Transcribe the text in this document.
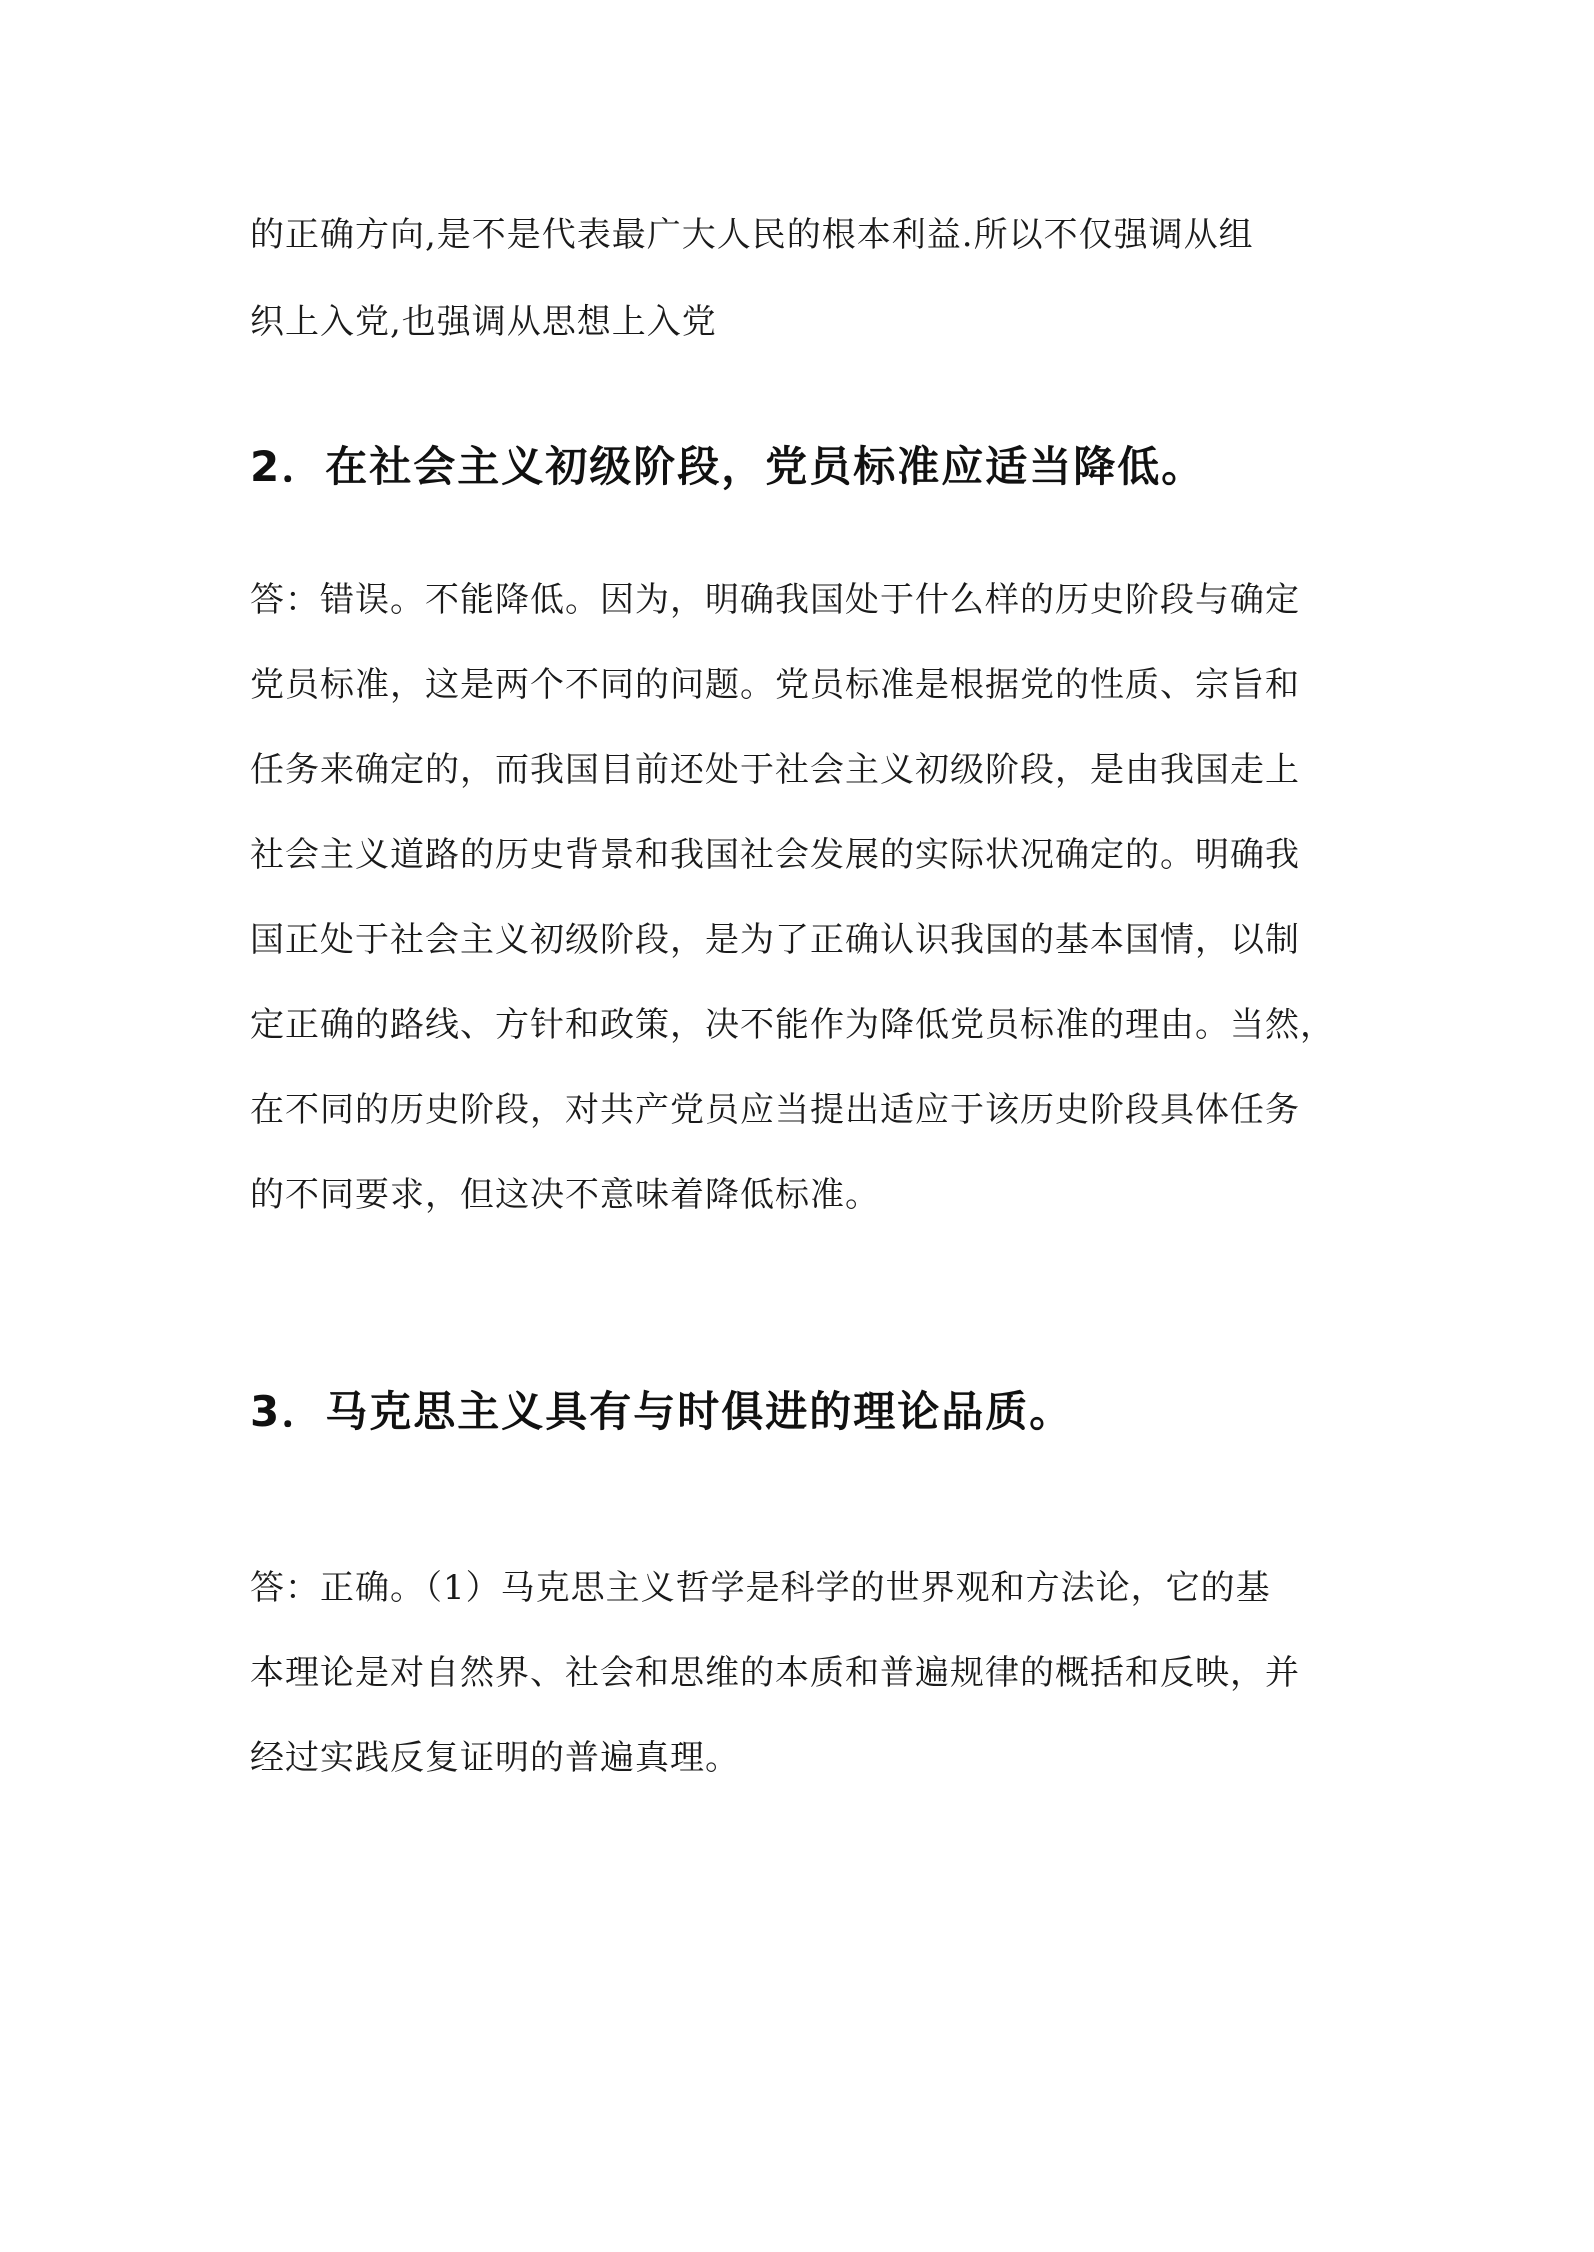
的正确方向,是不是代表最广大人民的根本利益.所以不仅强调从组
织上入党,也强调从思想上入党
2．在社会主义初级阶段，党员标准应适当降低。
答：错误。不能降低。因为，明确我国处于什么样的历史阶段与确定
党员标准，这是两个不同的问题。党员标准是根据党的性质、宗旨和
任务来确定的，而我国目前还处于社会主义初级阶段，是由我国走上
社会主义道路的历史背景和我国社会发展的实际状况确定的。明确我
国正处于社会主义初级阶段，是为了正确认识我国的基本国情，以制
定正确的路线、方针和政策，决不能作为降低党员标准的理由。当然，
在不同的历史阶段，对共产党员应当提出适应于该历史阶段具体任务
的不同要求，但这决不意味着降低标准。
3．马克思主义具有与时俱进的理论品质。
答：正确。（1）马克思主义哲学是科学的世界观和方法论，它的基
本理论是对自然界、社会和思维的本质和普遍规律的概括和反映，并
经过实践反复证明的普遍真理。
